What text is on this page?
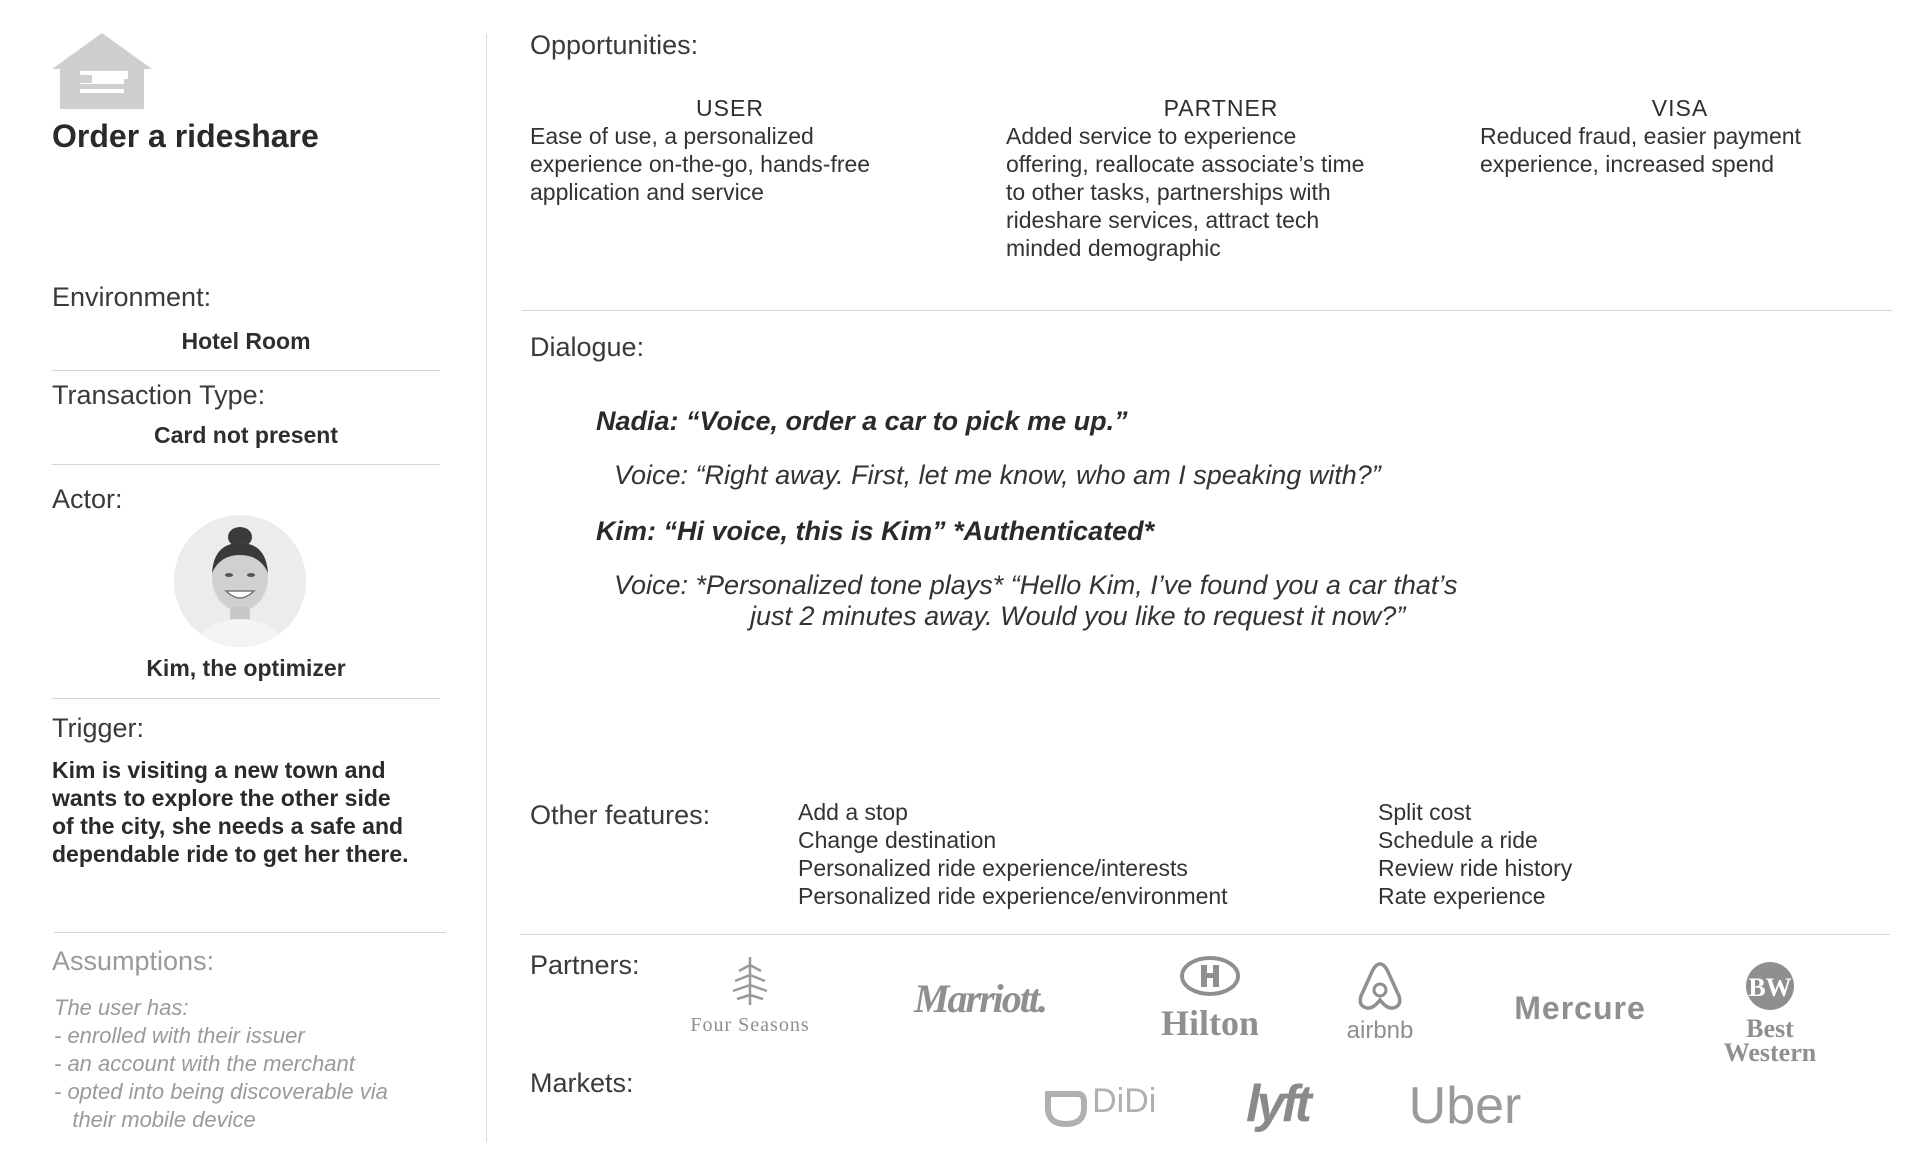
Order a rideshare
Environment:
Hotel Room
Transaction Type:
Card not present
Actor:
Kim, the optimizer
Trigger:
Kim is visiting a new town and
wants to explore the other side
of the city, she needs a safe and
dependable ride to get her there.
Assumptions:
The user has:
- enrolled with their issuer
- an account with the merchant
- opted into being discoverable via
their mobile device
Opportunities:
USER
Ease of use, a personalized
experience on-the-go, hands-free
application and service
PARTNER
Added service to experience
offering, reallocate associate’s time
to other tasks, partnerships with
rideshare services, attract tech
minded demographic
VISA
Reduced fraud, easier payment
experience, increased spend
Dialogue:
Nadia: “Voice, order a car to pick me up.”
Voice: “Right away. First, let me know, who am I speaking with?”
Kim: “Hi voice, this is Kim” *Authenticated*
Voice: *Personalized tone plays* “Hello Kim, I’ve found you a car that’s
just 2 minutes away. Would you like to request it now?”
Other features:	Add a stop
Change destination
Personalized ride experience/interests
Personalized ride experience/environment
Split cost
Schedule a ride
Review ride history
Rate experience
Partners:
Four Seasons
Marriott.
Hilton	airbnb
Mercure
BW
Best
Western
Markets:	DiDi	lyft Uber
